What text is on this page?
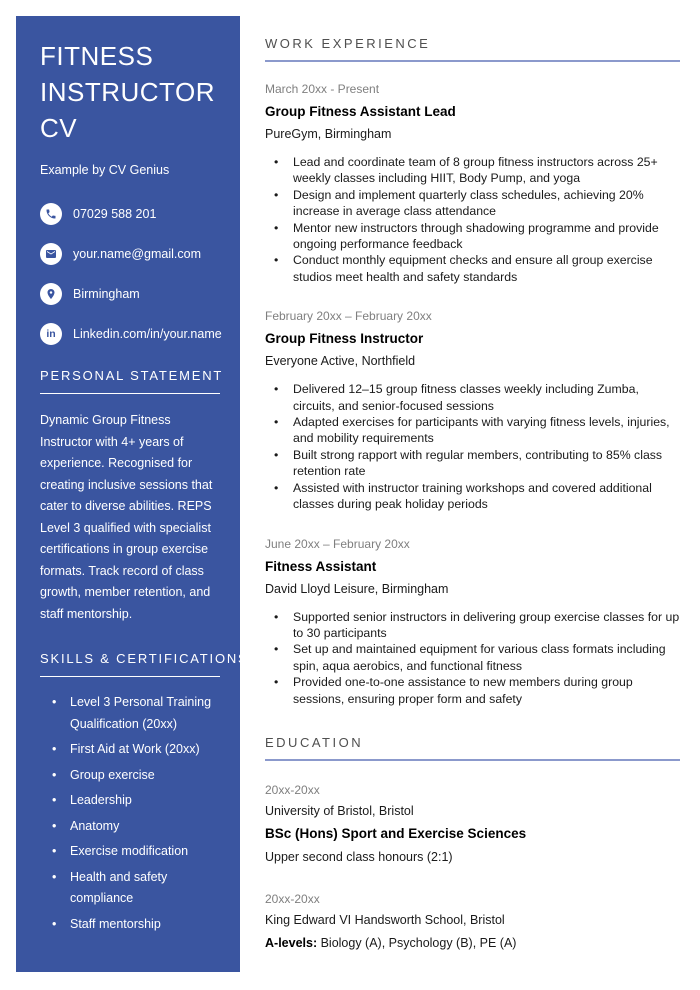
FITNESS INSTRUCTOR CV
Example by CV Genius
07029 588 201
your.name@gmail.com
Birmingham
in Linkedin.com/in/your.name
PERSONAL STATEMENT
Dynamic Group Fitness Instructor with 4+ years of experience. Recognised for creating inclusive sessions that cater to diverse abilities. REPS Level 3 qualified with specialist certifications in group exercise formats. Track record of class growth, member retention, and staff mentorship.
SKILLS & CERTIFICATIONS
• Level 3 Personal Training Qualification (20xx)
• First Aid at Work (20xx)
• Group exercise
• Leadership
• Anatomy
• Exercise modification
• Health and safety compliance
• Staff mentorship
WORK EXPERIENCE
March 20xx - Present
Group Fitness Assistant Lead
PureGym, Birmingham
• Lead and coordinate team of 8 group fitness instructors across 25+ weekly classes including HIIT, Body Pump, and yoga
• Design and implement quarterly class schedules, achieving 20% increase in average class attendance
• Mentor new instructors through shadowing programme and provide ongoing performance feedback
• Conduct monthly equipment checks and ensure all group exercise studios meet health and safety standards
February 20xx – February 20xx
Group Fitness Instructor
Everyone Active, Northfield
• Delivered 12–15 group fitness classes weekly including Zumba, circuits, and senior-focused sessions
• Adapted exercises for participants with varying fitness levels, injuries, and mobility requirements
• Built strong rapport with regular members, contributing to 85% class retention rate
• Assisted with instructor training workshops and covered additional classes during peak holiday periods
June 20xx – February 20xx
Fitness Assistant
David Lloyd Leisure, Birmingham
• Supported senior instructors in delivering group exercise classes for up to 30 participants
• Set up and maintained equipment for various class formats including spin, aqua aerobics, and functional fitness
• Provided one-to-one assistance to new members during group sessions, ensuring proper form and safety
EDUCATION
20xx-20xx
University of Bristol, Bristol
BSc (Hons) Sport and Exercise Sciences
Upper second class honours (2:1)
20xx-20xx
King Edward VI Handsworth School, Bristol
A-levels: Biology (A), Psychology (B), PE (A)
